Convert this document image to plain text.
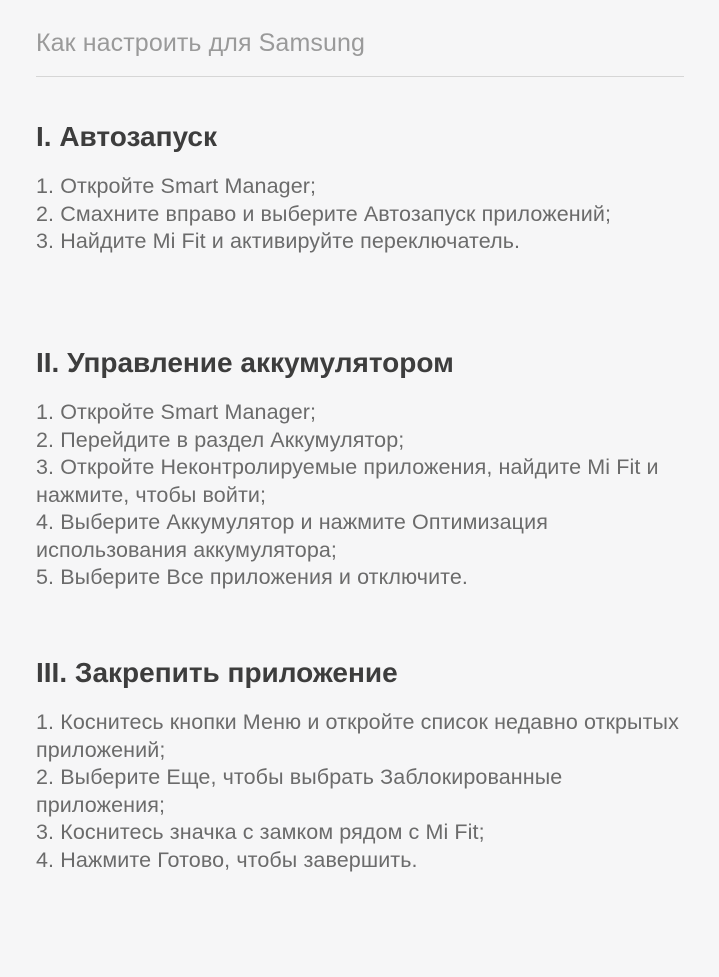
Как настроить для Samsung
I. Автозапуск
1. Откройте Smart Manager;
2. Смахните вправо и выберите Автозапуск приложений;
3. Найдите Mi Fit и активируйте переключатель.
II. Управление аккумулятором
1. Откройте Smart Manager;
2. Перейдите в раздел Аккумулятор;
3. Откройте Неконтролируемые приложения, найдите Mi Fit и нажмите, чтобы войти;
4. Выберите Аккумулятор и нажмите Оптимизация использования аккумулятора;
5. Выберите Все приложения и отключите.
III. Закрепить приложение
1. Коснитесь кнопки Меню и откройте список недавно открытых приложений;
2. Выберите Еще, чтобы выбрать Заблокированные приложения;
3. Коснитесь значка с замком рядом с Mi Fit;
4. Нажмите Готово, чтобы завершить.
